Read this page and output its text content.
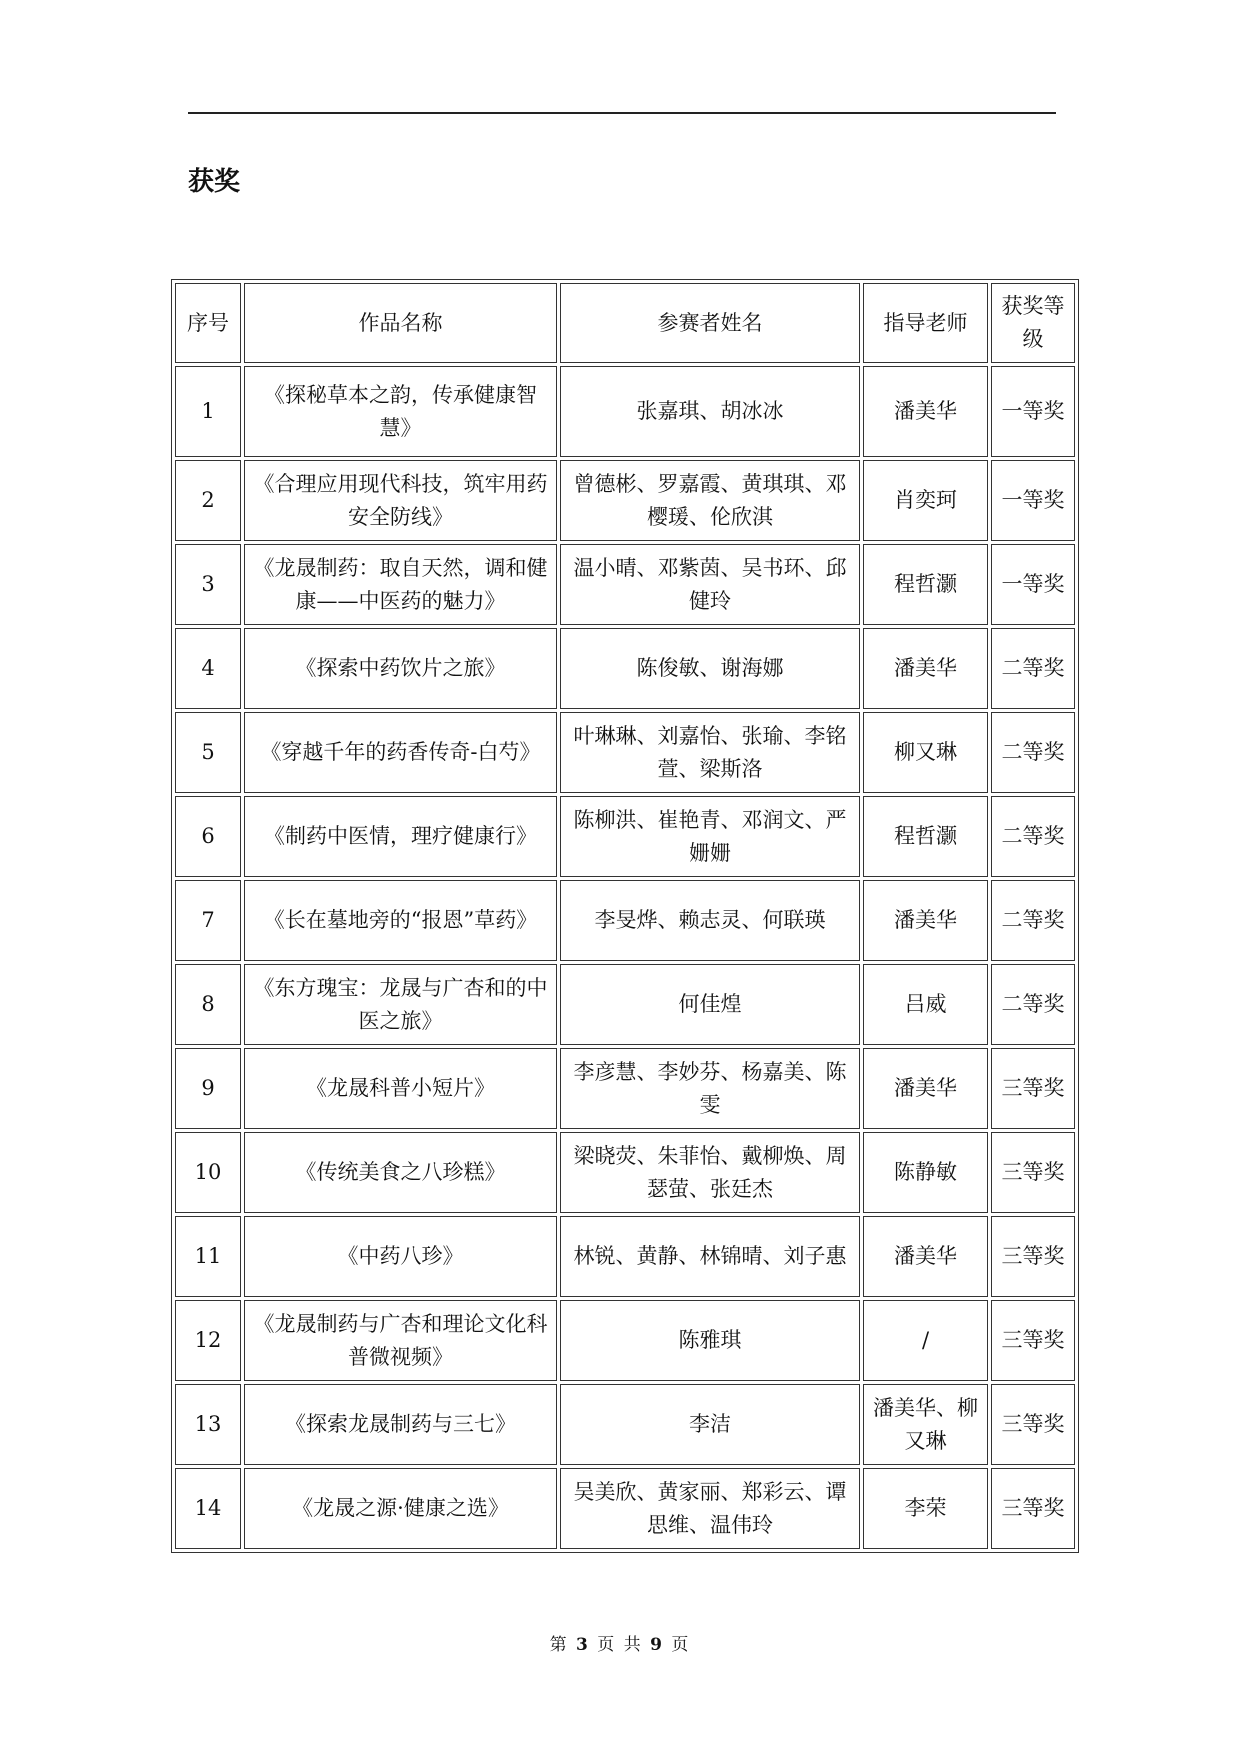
获奖
序号	作品名称	参赛者姓名	指导老师	获奖等级
1	《探秘草本之韵，传承健康智慧》	张嘉琪、胡冰冰	潘美华	一等奖
2	《合理应用现代科技，筑牢用药安全防线》	曾德彬、罗嘉霞、黄琪琪、邓樱瑗、伦欣淇	肖奕珂	一等奖
3	《龙晟制药：取自天然，调和健康——中医药的魅力》	温小晴、邓紫茵、吴书环、邱健玲	程哲灏	一等奖
4	《探索中药饮片之旅》	陈俊敏、谢海娜	潘美华	二等奖
5	《穿越千年的药香传奇-白芍》	叶琳琳、刘嘉怡、张瑜、李铭萱、梁斯洛	柳又琳	二等奖
6	《制药中医情，理疗健康行》	陈柳洪、崔艳青、邓润文、严姗姗	程哲灏	二等奖
7	《长在墓地旁的“报恩”草药》	李旻烨、赖志灵、何联瑛	潘美华	二等奖
8	《东方瑰宝：龙晟与广杏和的中医之旅》	何佳煌	吕威	二等奖
9	《龙晟科普小短片》	李彦慧、李妙芬、杨嘉美、陈雯	潘美华	三等奖
10	《传统美食之八珍糕》	梁晓荧、朱菲怡、戴柳焕、周瑟萤、张廷杰	陈静敏	三等奖
11	《中药八珍》	林锐、黄静、林锦晴、刘子惠	潘美华	三等奖
12	《龙晟制药与广杏和理论文化科普微视频》	陈雅琪	/	三等奖
13	《探索龙晟制药与三七》	李洁	潘美华、柳又琳	三等奖
14	《龙晟之源·健康之选》	吴美欣、黄家丽、郑彩云、谭思维、温伟玲	李荣	三等奖
第 3 页 共 9 页
